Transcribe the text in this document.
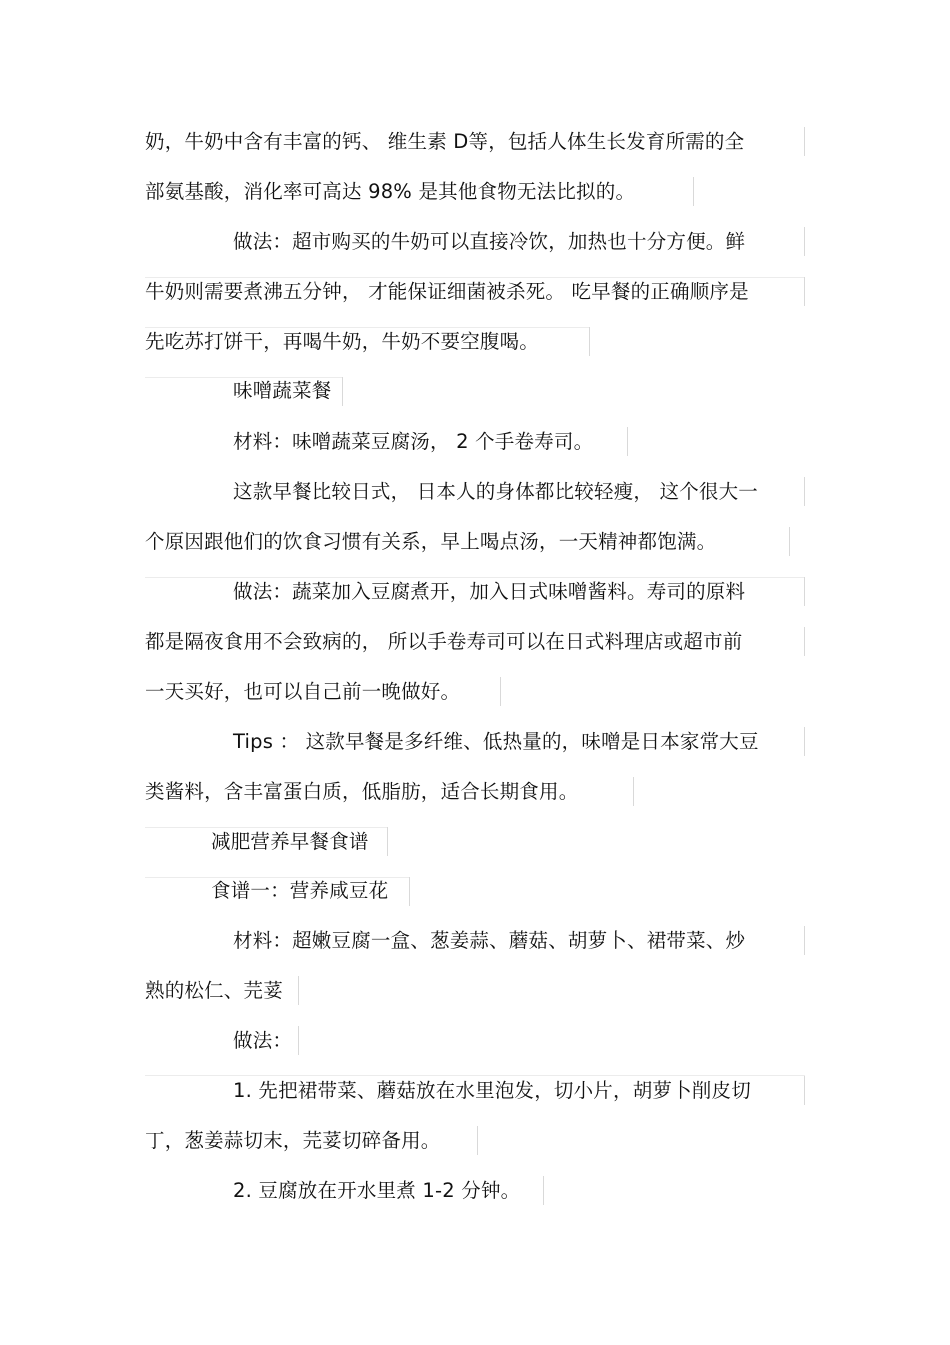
奶，牛奶中含有丰富的钙、 维生素 D等，包括人体生长发育所需的全
部氨基酸，消化率可高达 98% 是其他食物无法比拟的。
做法：超市购买的牛奶可以直接冷饮，加热也十分方便。鲜
牛奶则需要煮沸五分钟， 才能保证细菌被杀死。 吃早餐的正确顺序是
先吃苏打饼干，再喝牛奶，牛奶不要空腹喝。
味噌蔬菜餐
材料：味噌蔬菜豆腐汤， 2 个手卷寿司。
这款早餐比较日式， 日本人的身体都比较轻瘦， 这个很大一
个原因跟他们的饮食习惯有关系，早上喝点汤，一天精神都饱满。
做法：蔬菜加入豆腐煮开，加入日式味噌酱料。寿司的原料
都是隔夜食用不会致病的， 所以手卷寿司可以在日式料理店或超市前
一天买好，也可以自己前一晚做好。
Tips ： 这款早餐是多纤维、低热量的，味噌是日本家常大豆
类酱料，含丰富蛋白质，低脂肪，适合长期食用。
减肥营养早餐食谱
食谱一：营养咸豆花
材料：超嫩豆腐一盒、葱姜蒜、蘑菇、胡萝卜、裙带菜、炒
熟的松仁、芫荽
做法：
1. 先把裙带菜、蘑菇放在水里泡发，切小片，胡萝卜削皮切
丁，葱姜蒜切末，芫荽切碎备用。
2. 豆腐放在开水里煮 1-2 分钟。
